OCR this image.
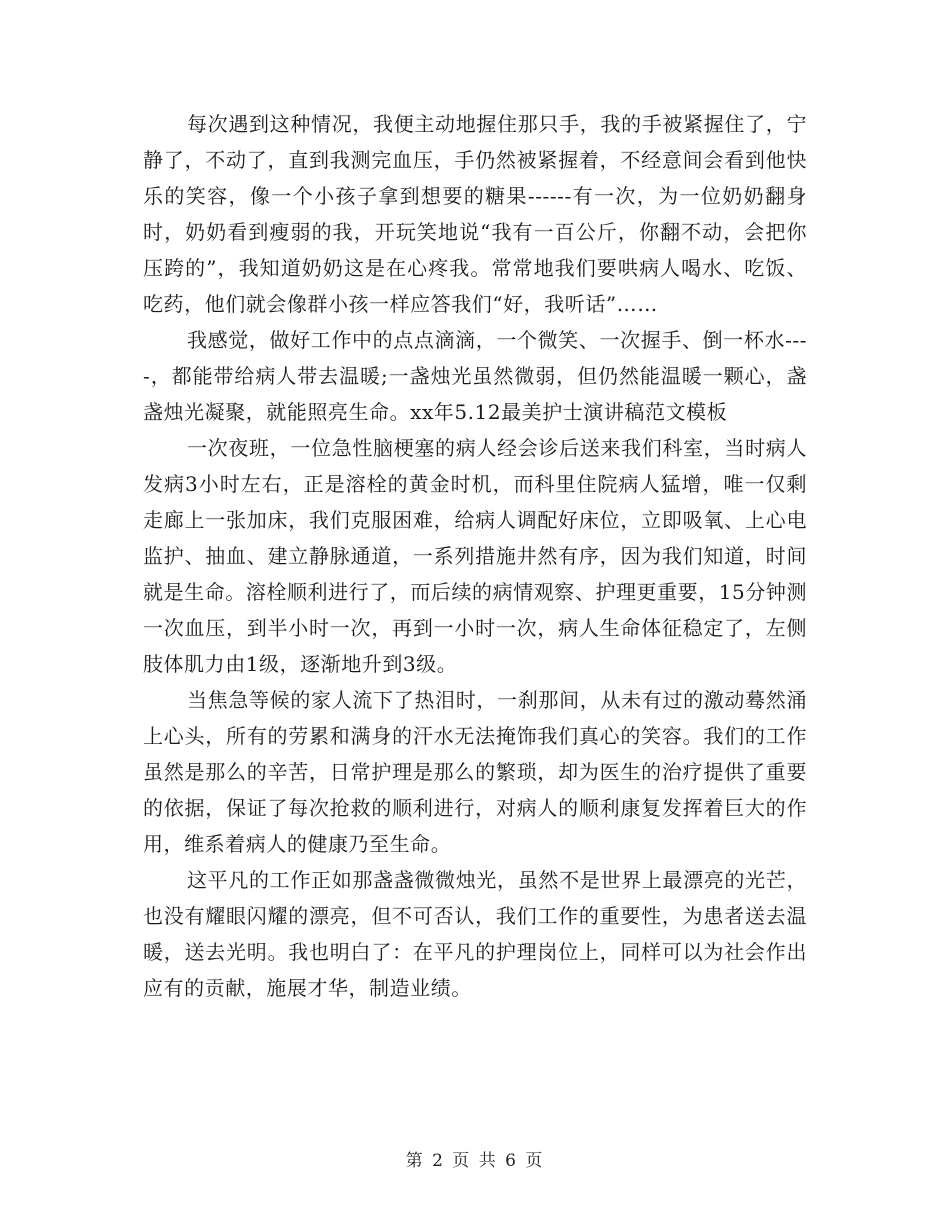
每次遇到这种情况，我便主动地握住那只手，我的手被紧握住了，宁静了，不动了，直到我测完血压，手仍然被紧握着，不经意间会看到他快乐的笑容，像一个小孩子拿到想要的糖果------有一次，为一位奶奶翻身时，奶奶看到瘦弱的我，开玩笑地说“我有一百公斤，你翻不动，会把你压跨的”，我知道奶奶这是在心疼我。常常地我们要哄病人喝水、吃饭、吃药，他们就会像群小孩一样应答我们“好，我听话”……

我感觉，做好工作中的点点滴滴，一个微笑、一次握手、倒一杯水----，都能带给病人带去温暖;一盏烛光虽然微弱，但仍然能温暖一颗心，盏盏烛光凝聚，就能照亮生命。xx年5.12最美护士演讲稿范文模板

一次夜班，一位急性脑梗塞的病人经会诊后送来我们科室，当时病人发病3小时左右，正是溶栓的黄金时机，而科里住院病人猛增，唯一仅剩走廊上一张加床，我们克服困难，给病人调配好床位，立即吸氧、上心电监护、抽血、建立静脉通道，一系列措施井然有序，因为我们知道，时间就是生命。溶栓顺利进行了，而后续的病情观察、护理更重要，15分钟测一次血压，到半小时一次，再到一小时一次，病人生命体征稳定了，左侧肢体肌力由1级，逐渐地升到3级。

当焦急等候的家人流下了热泪时，一刹那间，从未有过的激动蓦然涌上心头，所有的劳累和满身的汗水无法掩饰我们真心的笑容。我们的工作虽然是那么的辛苦，日常护理是那么的繁琐，却为医生的治疗提供了重要的依据，保证了每次抢救的顺利进行，对病人的顺利康复发挥着巨大的作用，维系着病人的健康乃至生命。

这平凡的工作正如那盏盏微微烛光，虽然不是世界上最漂亮的光芒，也没有耀眼闪耀的漂亮，但不可否认，我们工作的重要性，为患者送去温暖，送去光明。我也明白了：在平凡的护理岗位上，同样可以为社会作出应有的贡献，施展才华，制造业绩。

第 2 页 共 6 页
